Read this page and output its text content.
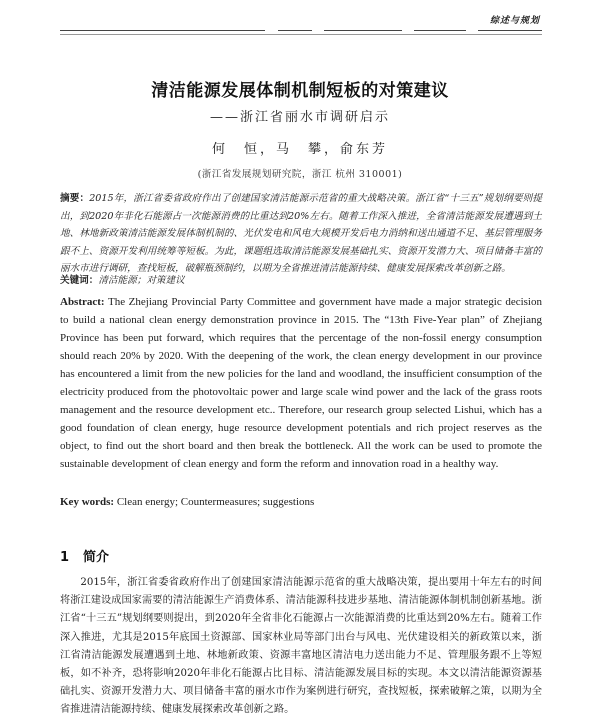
综述与规划
清洁能源发展体制机制短板的对策建议
——浙江省丽水市调研启示
何　恒，马　攀，俞东芳
(浙江省发展规划研究院，浙江 杭州 310001)
摘要：2015年，浙江省委省政府作出了创建国家清洁能源示范省的重大战略决策。浙江省“十三五”规划纲要则提出，到2020年非化石能源占一次能源消费的比重达到20%左右。随着工作深入推进，全省清洁能源发展遭遇到土地、林地新政策清洁能源发展体制机制的、光伏发电和风电大规模开发后电力消纳和送出通道不足、基层管理服务跟不上、资源开发利用统筹等短板。为此，课题组选取清洁能源发展基础扎实、资源开发潜力大、项目储备丰富的丽水市进行调研，查找短板，破解瓶颈制约，以期为全省推进清洁能源持续、健康发展探索改革创新之路。
关键词：清洁能源；对策建议
Abstract: The Zhejiang Provincial Party Committee and government have made a major strategic decision to build a national clean energy demonstration province in 2015. The “13th Five-Year plan” of Zhejiang Province has been put forward, which requires that the percentage of the non-fossil energy consumption should reach 20% by 2020. With the deepening of the work, the clean energy development in our province has encountered a limit from the new policies for the land and woodland, the insufficient consumption of the electricity produced from the photovoltaic power and large scale wind power and the lack of the grass roots management and the resource development etc.. Therefore, our research group selected Lishui, which has a good foundation of clean energy, huge resource development potentials and rich project reserves as the object, to find out the short board and then break the bottleneck. All the work can be used to promote the sustainable development of clean energy and form the reform and innovation road in a healthy way.
Key words: Clean energy; Countermeasures; suggestions
1 简介
2015年，浙江省委省政府作出了创建国家清洁能源示范省的重大战略决策，提出要用十年左右的时间将浙江建设成国家需要的清洁能源生产消费体系、清洁能源科技进步基地、清洁能源体制机制创新基地。浙江省“十三五”规划纲要则提出，到2020年全省非化石能源占一次能源消费的比重达到20%左右。随着工作深入推进，尤其是2015年底国土资源部、国家林业局等部门出台与风电、光伏建设相关的新政策以来，浙江省清洁能源发展遭遇到土地、林地新政策、资源丰富地区清洁电力送出能力不足、管理服务跟不上等短板，如不补齐，恐将影响2020年非化石能源占比目标、清洁能源发展目标的实现。本文以清洁能源资源基础扎实、资源开发潜力大、项目储备丰富的丽水市作为案例进行研究，查找短板，探索破解之策，以期为全省推进清洁能源持续、健康发展探索改革创新之路。
